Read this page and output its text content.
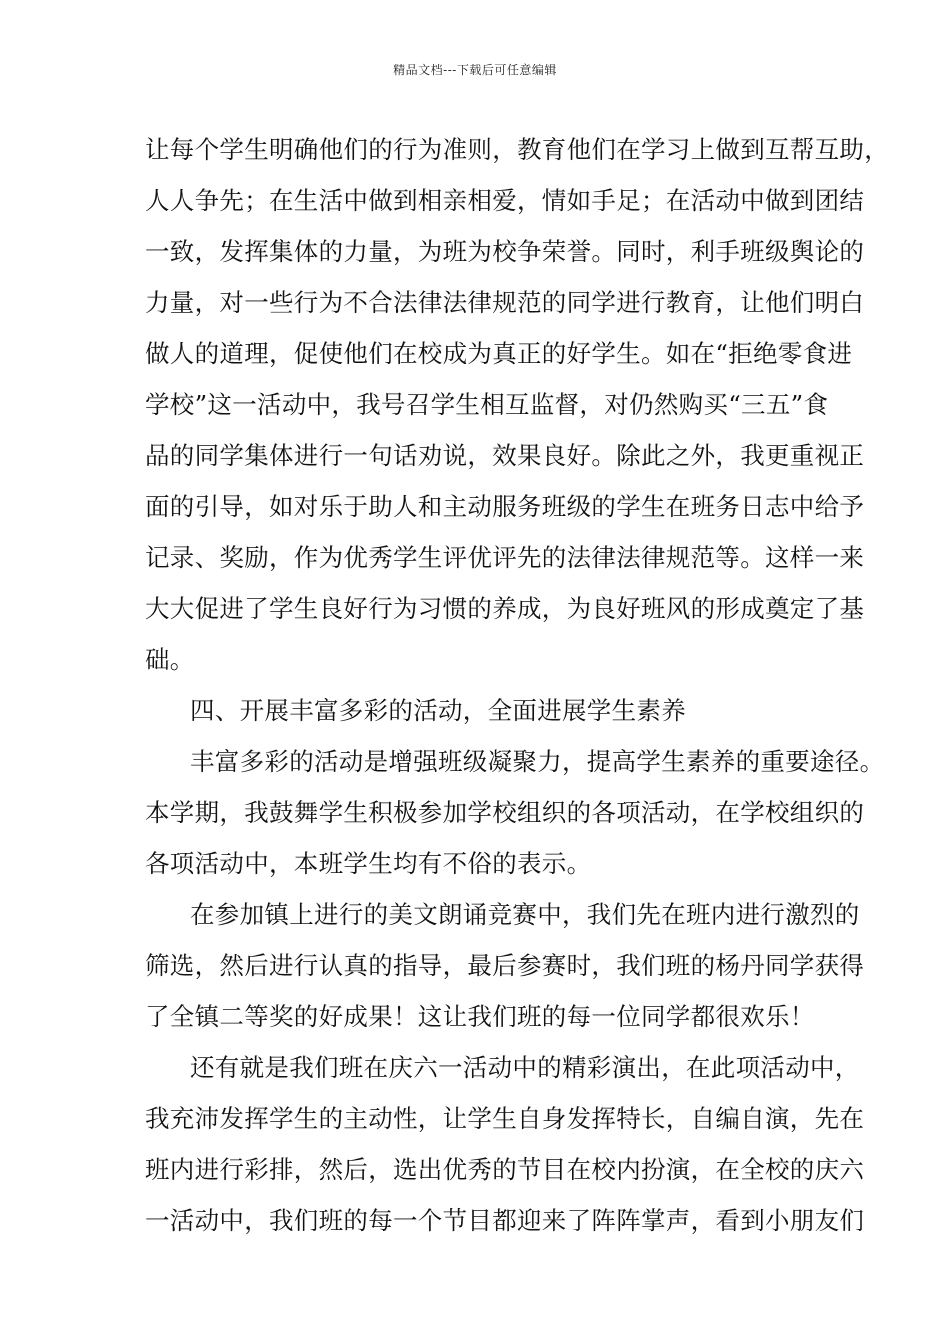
精品文档---下载后可任意编辑
让每个学生明确他们的行为准则，教育他们在学习上做到互帮互助，
人人争先；在生活中做到相亲相爱，情如手足；在活动中做到团结
一致，发挥集体的力量，为班为校争荣誉。同时，利手班级舆论的
力量，对一些行为不合法律法律规范的同学进行教育，让他们明白
做人的道理，促使他们在校成为真正的好学生。如在“拒绝零食进
学校”这一活动中，我号召学生相互监督，对仍然购买“三五”食
品的同学集体进行一句话劝说，效果良好。除此之外，我更重视正
面的引导，如对乐于助人和主动服务班级的学生在班务日志中给予
记录、奖励，作为优秀学生评优评先的法律法律规范等。这样一来
大大促进了学生良好行为习惯的养成，为良好班风的形成奠定了基
础。
四、开展丰富多彩的活动，全面进展学生素养
丰富多彩的活动是增强班级凝聚力，提高学生素养的重要途径。
本学期，我鼓舞学生积极参加学校组织的各项活动，在学校组织的
各项活动中，本班学生均有不俗的表示。
在参加镇上进行的美文朗诵竞赛中，我们先在班内进行激烈的
筛选，然后进行认真的指导，最后参赛时，我们班的杨丹同学获得
了全镇二等奖的好成果！这让我们班的每一位同学都很欢乐！
还有就是我们班在庆六一活动中的精彩演出，在此项活动中，
我充沛发挥学生的主动性，让学生自身发挥特长，自编自演，先在
班内进行彩排，然后，选出优秀的节目在校内扮演，在全校的庆六
一活动中，我们班的每一个节目都迎来了阵阵掌声，看到小朋友们
